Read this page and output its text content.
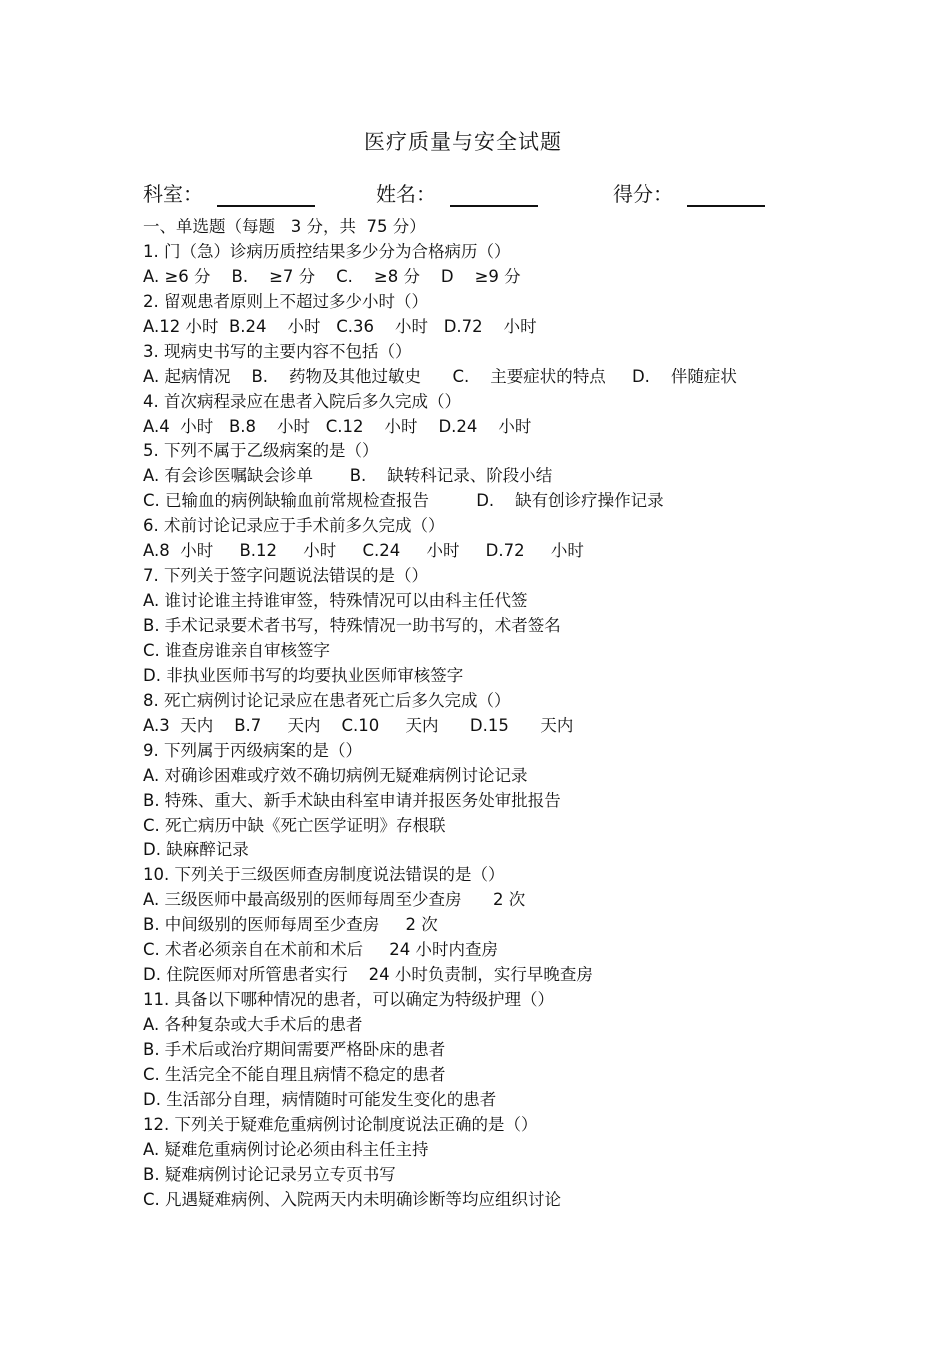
医疗质量与安全试题
科室：	姓名：	得分：
一、单选题（每题   3 分，共  75 分）
1. 门（急）诊病历质控结果多少分为合格病历（）
A. ≥6 分    B.    ≥7 分    C.    ≥8 分    D    ≥9 分
2. 留观患者原则上不超过多少小时（）
A.12 小时  B.24    小时   C.36    小时   D.72    小时
3. 现病史书写的主要内容不包括（）
A. 起病情况    B.    药物及其他过敏史      C.    主要症状的特点     D.    伴随症状
4. 首次病程录应在患者入院后多久完成（）
A.4  小时   B.8    小时   C.12    小时    D.24    小时
5. 下列不属于乙级病案的是（）
A. 有会诊医嘱缺会诊单       B.    缺转科记录、阶段小结
C. 已输血的病例缺输血前常规检查报告         D.    缺有创诊疗操作记录
6. 术前讨论记录应于手术前多久完成（）
A.8  小时     B.12     小时     C.24     小时     D.72     小时
7. 下列关于签字问题说法错误的是（）
A. 谁讨论谁主持谁审签，特殊情况可以由科主任代签
B. 手术记录要术者书写，特殊情况一助书写的，术者签名
C. 谁查房谁亲自审核签字
D. 非执业医师书写的均要执业医师审核签字
8. 死亡病例讨论记录应在患者死亡后多久完成（）
A.3  天内    B.7     天内    C.10     天内      D.15      天内
9. 下列属于丙级病案的是（）
A. 对确诊困难或疗效不确切病例无疑难病例讨论记录
B. 特殊、重大、新手术缺由科室申请并报医务处审批报告
C. 死亡病历中缺《死亡医学证明》存根联
D. 缺麻醉记录
10. 下列关于三级医师查房制度说法错误的是（）
A. 三级医师中最高级别的医师每周至少查房      2 次
B. 中间级别的医师每周至少查房     2 次
C. 术者必须亲自在术前和术后     24 小时内查房
D. 住院医师对所管患者实行    24 小时负责制，实行早晚查房
11. 具备以下哪种情况的患者，可以确定为特级护理（）
A. 各种复杂或大手术后的患者
B. 手术后或治疗期间需要严格卧床的患者
C. 生活完全不能自理且病情不稳定的患者
D. 生活部分自理，病情随时可能发生变化的患者
12. 下列关于疑难危重病例讨论制度说法正确的是（）
A. 疑难危重病例讨论必须由科主任主持
B. 疑难病例讨论记录另立专页书写
C. 凡遇疑难病例、入院两天内未明确诊断等均应组织讨论
